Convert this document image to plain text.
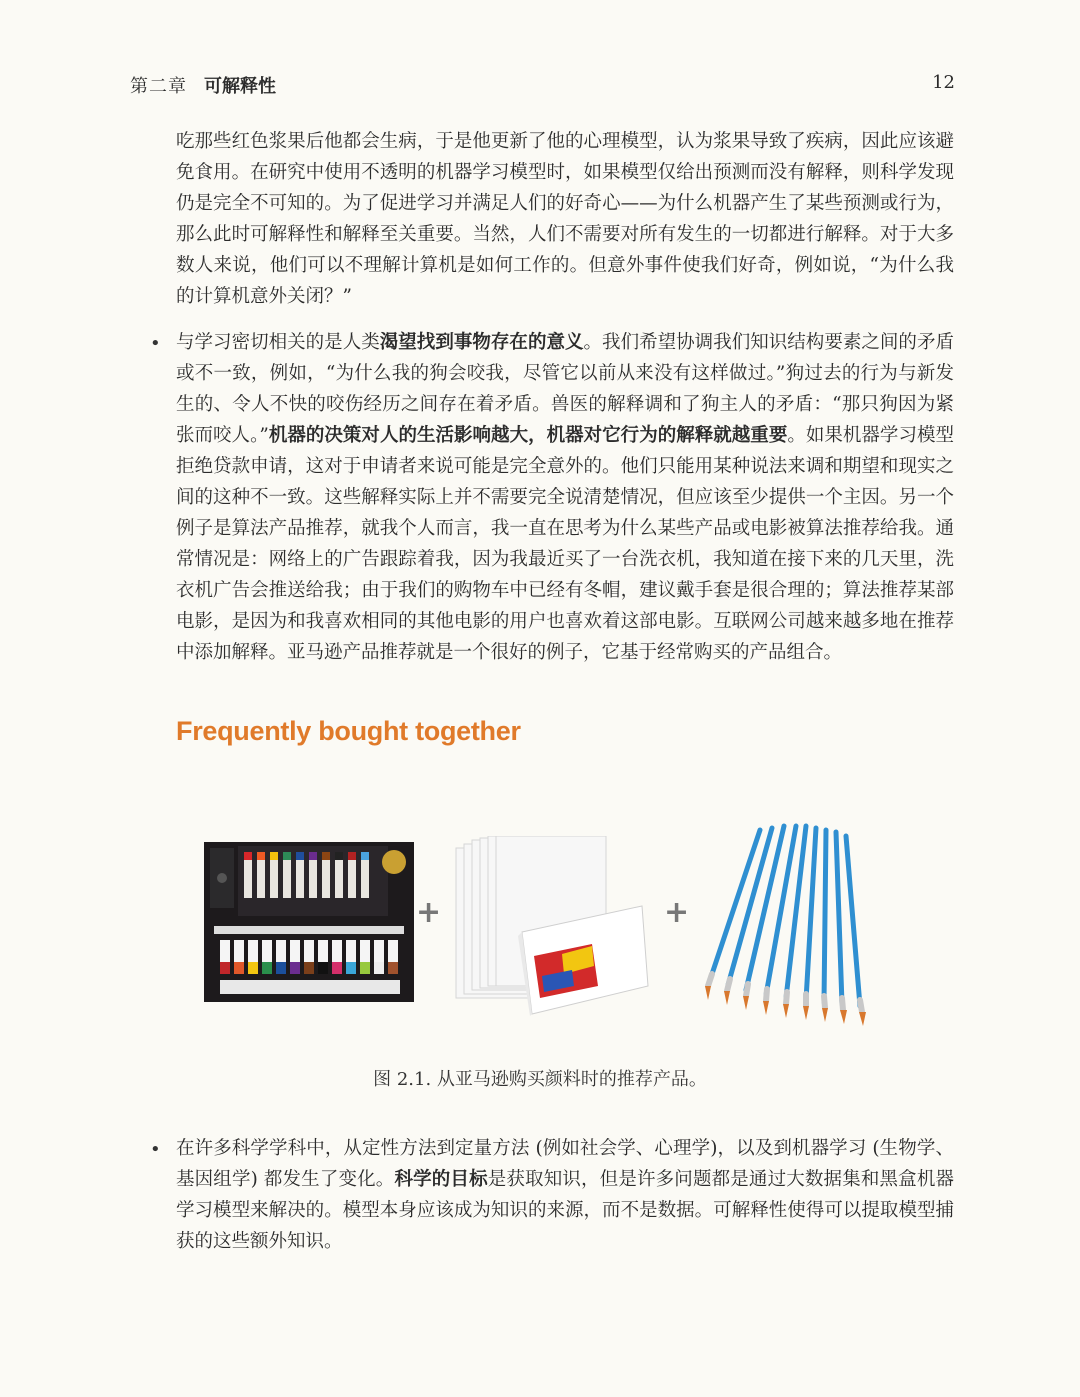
第二章 可解释性	12
吃那些红色浆果后他都会生病，于是他更新了他的心理模型，认为浆果导致了疾病，因此应该避免食用。在研究中使用不透明的机器学习模型时，如果模型仅给出预测而没有解释，则科学发现仍是完全不可知的。为了促进学习并满足人们的好奇心——为什么机器产生了某些预测或行为，那么此时可解释性和解释至关重要。当然，人们不需要对所有发生的一切都进行解释。对于大多数人来说，他们可以不理解计算机是如何工作的。但意外事件使我们好奇，例如说，“为什么我的计算机意外关闭？”
• 与学习密切相关的是人类渴望找到事物存在的意义。我们希望协调我们知识结构要素之间的矛盾或不一致，例如，“为什么我的狗会咬我，尽管它以前从来没有这样做过。”狗过去的行为与新发生的、令人不快的咬伤经历之间存在着矛盾。兽医的解释调和了狗主人的矛盾：“那只狗因为紧张而咬人。”机器的决策对人的生活影响越大，机器对它行为的解释就越重要。如果机器学习模型拒绝贷款申请，这对于申请者来说可能是完全意外的。他们只能用某种说法来调和期望和现实之间的这种不一致。这些解释实际上并不需要完全说清楚情况，但应该至少提供一个主因。另一个例子是算法产品推荐，就我个人而言，我一直在思考为什么某些产品或电影被算法推荐给我。通常情况是：网络上的广告跟踪着我，因为我最近买了一台洗衣机，我知道在接下来的几天里，洗衣机广告会推送给我；由于我们的购物车中已经有冬帽，建议戴手套是很合理的；算法推荐某部电影，是因为和我喜欢相同的其他电影的用户也喜欢着这部电影。互联网公司越来越多地在推荐中添加解释。亚马逊产品推荐就是一个很好的例子，它基于经常购买的产品组合。
Frequently bought together
+	+
图 2.1. 从亚马逊购买颜料时的推荐产品。
• 在许多科学学科中，从定性方法到定量方法 (例如社会学、心理学)，以及到机器学习 (生物学、基因组学) 都发生了变化。科学的目标是获取知识，但是许多问题都是通过大数据集和黑盒机器学习模型来解决的。模型本身应该成为知识的来源，而不是数据。可解释性使得可以提取模型捕获的这些额外知识。
